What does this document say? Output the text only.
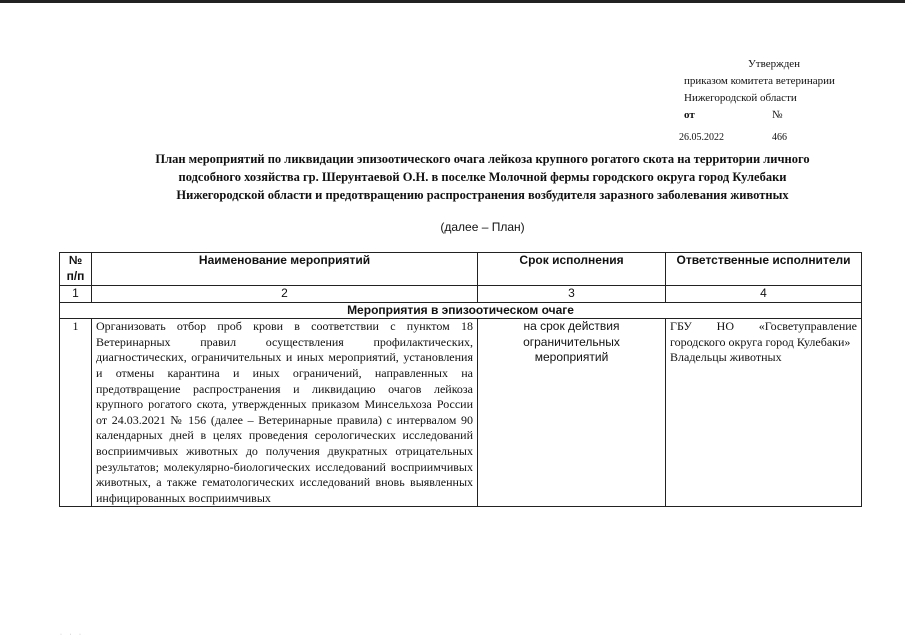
Утвержден
приказом комитета ветеринарии
Нижегородской области
от	№
26.05.2022	466
План мероприятий по ликвидации эпизоотического очага лейкоза крупного рогатого скота на территории личного
подсобного хозяйства гр. Шерунтаевой О.Н. в поселке Молочной фермы городского округа город Кулебаки
Нижегородской области и предотвращению распространения возбудителя заразного заболевания животных
(далее – План)
№ п/п	Наименование мероприятий	Срок исполнения	Ответственные исполнители
1	2	3	4
Мероприятия в эпизоотическом очаге			
1	Организовать отбор проб крови в соответствии с пунктом 18 Ветеринарных правил осуществления профилактических, диагностических, ограничительных и иных мероприятий, установления и отмены карантина и иных ограничений, направленных на предотвращение распространения и ликвидацию очагов лейкоза крупного рогатого скота, утвержденных приказом Минсельхоза России от 24.03.2021 № 156 (далее – Ветеринарные правила) с интервалом 90 календарных дней в целях проведения серологических исследований восприимчивых животных до получения двукратных отрицательных результатов; молекулярно-биологических исследований восприимчивых животных, а также гематологических исследований вновь выявленных инфицированных восприимчивых	на срок действия ограничительных мероприятий	ГБУ НО «Госветуправление городского округа город Кулебаки»
Владельцы животных
· · ·
